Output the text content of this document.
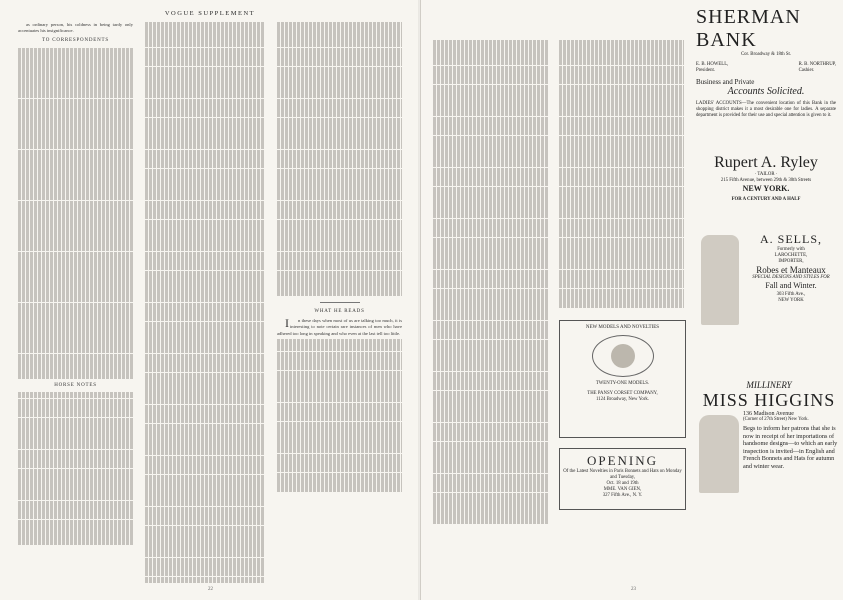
VOGUE SUPPLEMENT

as ordinary person, his coldness in being tardy only accentuates his insignificance.

TO CORRESPONDENTS
HORSE NOTES
WHAT HE READS

In these days when most of us are talking too much, it is interesting to note certain rare instances of men who have adhered too long in speaking and who even at the last tell too little.

22
NEW MODELS AND NOVELTIES
TWENTY-ONE MODELS.
THE PANSY CORSET COMPANY,
1124 Broadway, New York.
OPENING
Of the Latest Novelties in Paris Bonnets and Hats on Monday and Tuesday,
Oct. 18 and 19th
MME. VAN GIEN,
327 Fifth Ave., N. Y.
SHERMAN BANK
Cor. Broadway & 18th St.
E. B. HOWELL,
President.
R. B. NORTHRUP,
Cashier.
Business and Private
Accounts Solicited.
LADIES' ACCOUNTS—The convenient location of this Bank in the shopping district makes it a most desirable one for ladies. A separate department is provided for their use and special attention is given to it.
Rupert A. Ryley
· TAILOR ·
215 Fifth Avenue, between 29th & 30th Streets
NEW YORK.
FOR A CENTURY AND A HALF
A. SELLS,
Formerly with
LAROCHETTE,
IMPORTER,
Robes et Manteaux
SPECIAL DESIGNS AND STYLES FOR
Fall and Winter.
303 Fifth Ave.,
NEW YORK
MILLINERY
MISS HIGGINS
136 Madison Avenue
(Corner of 27th Street) New York.
Begs to inform her patrons that she is now in receipt of her importations of handsome designs—to which an early inspection is invited—in English and French Bonnets and Hats for autumn and winter wear.
23
